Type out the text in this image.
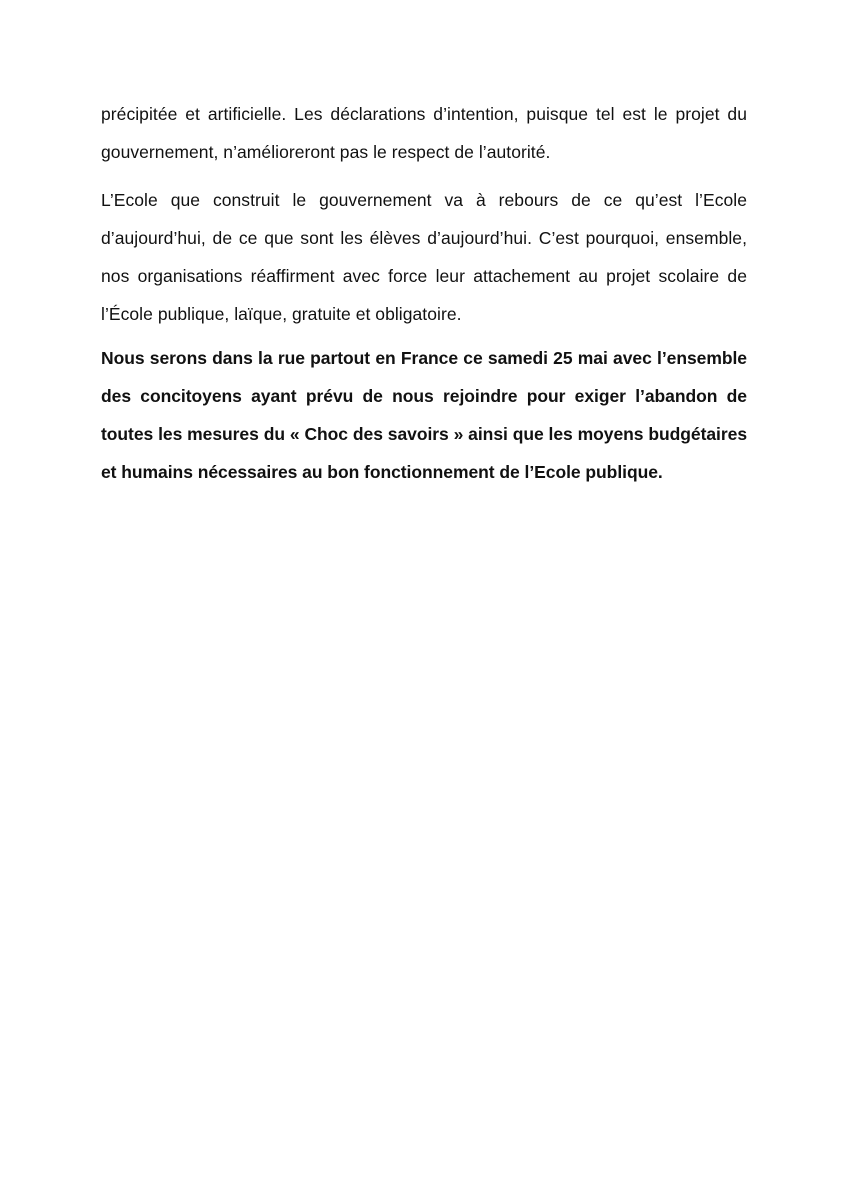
précipitée et artificielle. Les déclarations d’intention, puisque tel est le projet du gouvernement, n’amélioreront pas le respect de l’autorité.

L’Ecole que construit le gouvernement va à rebours de ce qu’est l’Ecole d’aujourd’hui, de ce que sont les élèves d’aujourd’hui. C’est pourquoi, ensemble, nos organisations réaffirment avec force leur attachement au projet scolaire de l’École publique, laïque, gratuite et obligatoire.

Nous serons dans la rue partout en France ce samedi 25 mai avec l’ensemble des concitoyens ayant prévu de nous rejoindre pour exiger l’abandon de toutes les mesures du « Choc des savoirs » ainsi que les moyens budgétaires et humains nécessaires au bon fonctionnement de l’Ecole publique.
